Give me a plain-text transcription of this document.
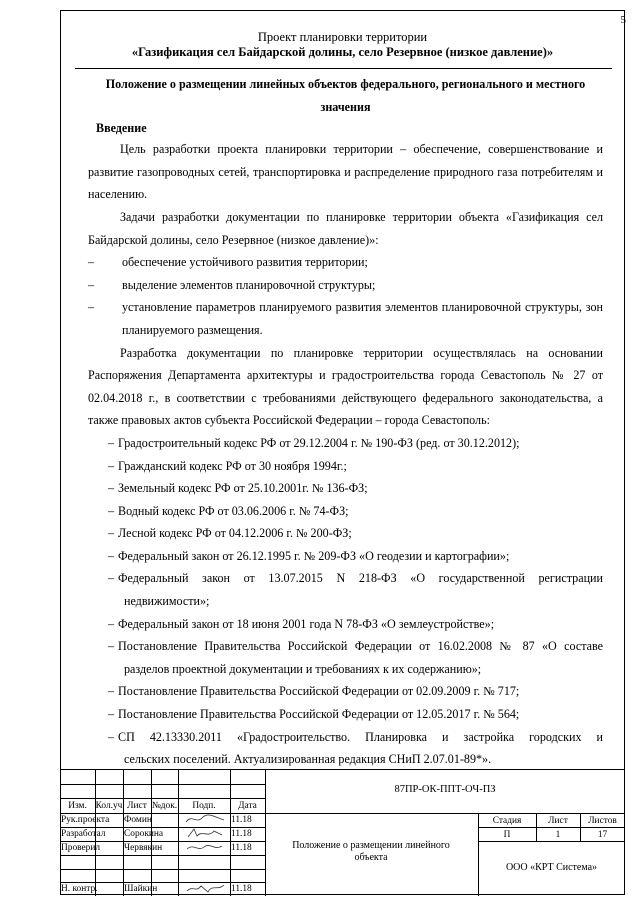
5
Проект планировки территории
«Газификация сел Байдарской долины, село Резервное (низкое давление)»
Положение о размещении линейных объектов федерального, регионального и местного значения
Введение
Цель разработки проекта планировки территории – обеспечение, совершенствование и развитие газопроводных сетей, транспортировка и распределение природного газа потребителям и населению.
Задачи разработки документации по планировке территории объекта «Газификация сел Байдарской долины, село Резервное (низкое давление)»:
–	обеспечение устойчивого развития территории;
–	выделение элементов планировочной структуры;
–	установление параметров планируемого развития элементов планировочной структуры, зон планируемого размещения.
Разработка документации по планировке территории осуществлялась на основании Распоряжения Департамента архитектуры и градостроительства города Севастополь № 27 от 02.04.2018 г., в соответствии с требованиями действующего федерального законодательства, а также правовых актов субъекта Российской Федерации – города Севастополь:
– Градостроительный кодекс РФ от 29.12.2004 г. № 190-ФЗ (ред. от 30.12.2012);
– Гражданский кодекс РФ от 30 ноября 1994г.;
– Земельный кодекс РФ от 25.10.2001г. № 136-ФЗ;
– Водный кодекс РФ от 03.06.2006 г. № 74-ФЗ;
– Лесной кодекс РФ от 04.12.2006 г. № 200-ФЗ;
– Федеральный закон от 26.12.1995 г. № 209-ФЗ «О геодезии и картографии»;
– Федеральный закон от 13.07.2015 N 218-ФЗ «О государственной регистрации
недвижимости»;
– Федеральный закон от 18 июня 2001 года N 78-ФЗ «О землеустройстве»;
– Постановление Правительства Российской Федерации от 16.02.2008 № 87 «О составе
разделов проектной документации и требованиях к их содержанию»;
– Постановление Правительства Российской Федерации от 02.09.2009 г. № 717;
– Постановление Правительства Российской Федерации от 12.05.2017 г. № 564;
– СП 42.13330.2011 «Градостроительство. Планировка и застройка городских и
сельских поселений. Актуализированная редакция СНиП 2.07.01-89*».
Изм. Кол.уч Лист №док.	Подп.	Дата
87ПР-ОК-ППТ-ОЧ-ПЗ
Рук.проекта	Фомин	11.18
Разработал	Сорокина	11.18
Проверил	Червякин	11.18
Н. контр.	Шайкин	11.18
Положение о размещении линейного объекта
Стадия	Лист	Листов
П	1	17
ООО «КРТ Система»
